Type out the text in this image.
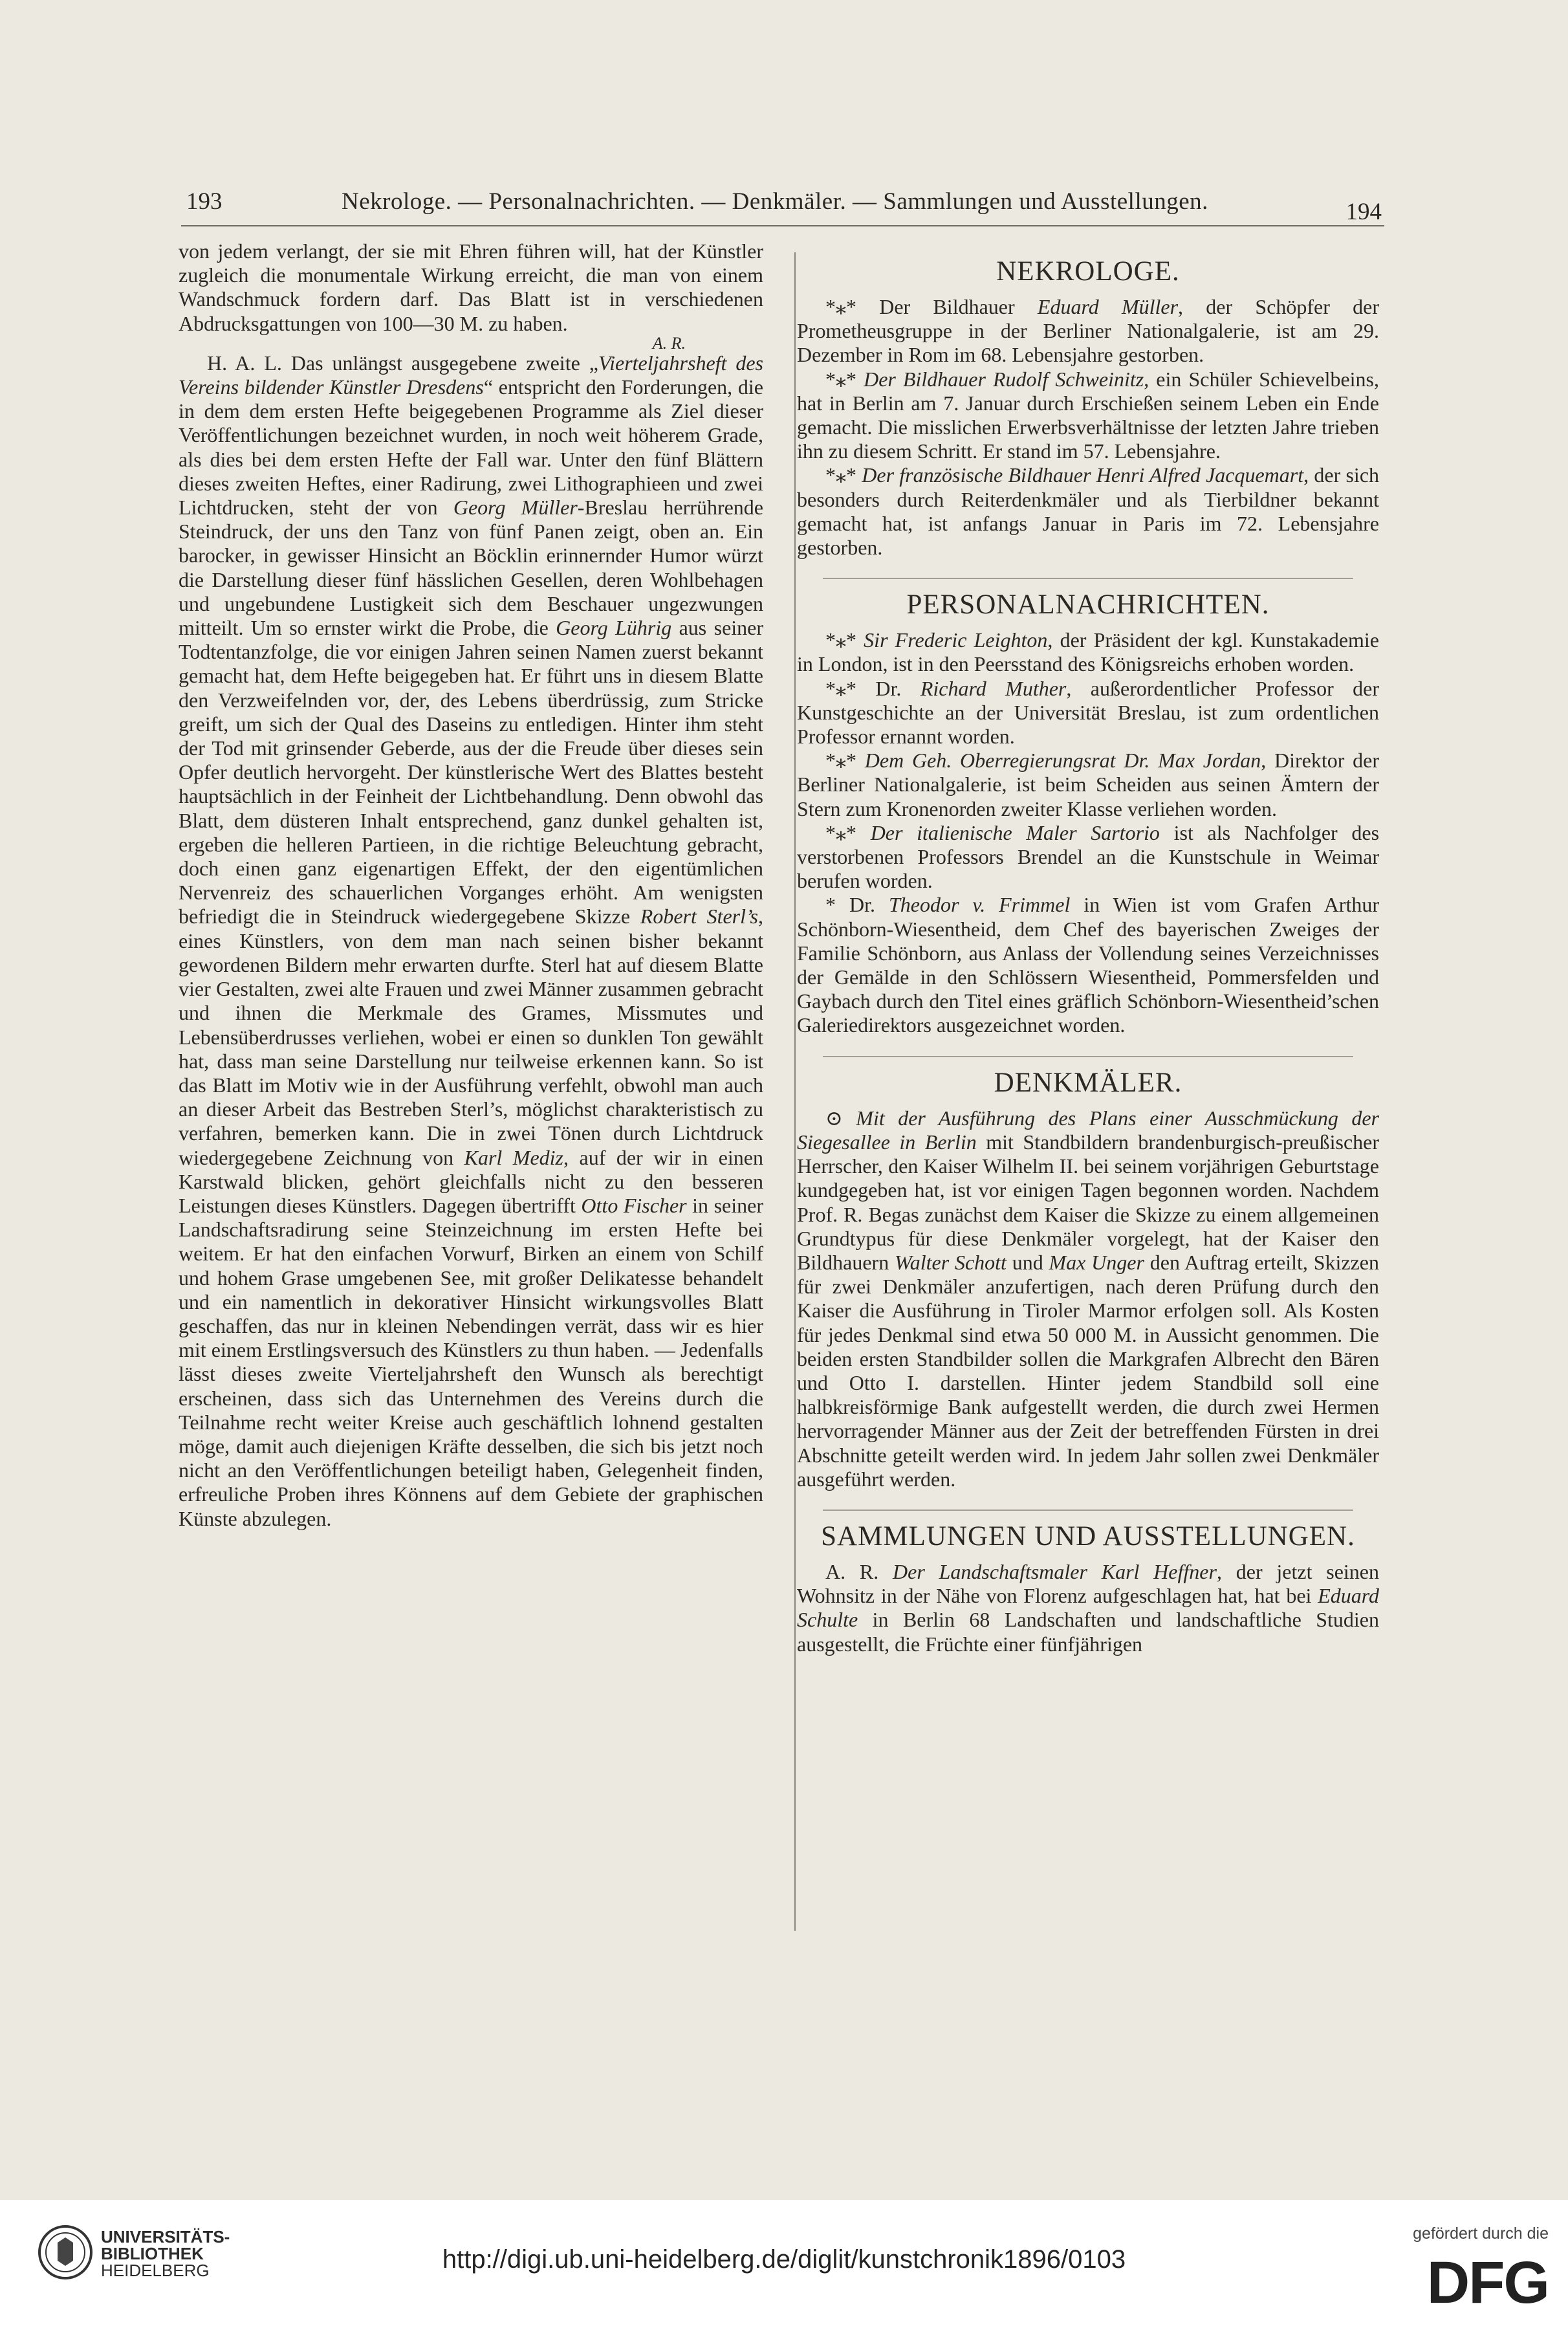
193	Nekrologe. — Personalnachrichten. — Denkmäler. — Sammlungen und Ausstellungen.	194

von jedem verlangt, der sie mit Ehren führen will, hat der Künstler zugleich die monumentale Wirkung erreicht, die man von einem Wandschmuck fordern darf. Das Blatt ist in verschiedenen Abdrucksgattungen von 100—30 M. zu haben.

A. R.

H. A. L. Das unlängst ausgegebene zweite „Vierteljahrsheft des Vereins bildender Künstler Dresdens“ entspricht den Forderungen, die in dem dem ersten Hefte beigegebenen Programme als Ziel dieser Veröffentlichungen bezeichnet wurden, in noch weit höherem Grade, als dies bei dem ersten Hefte der Fall war. Unter den fünf Blättern dieses zweiten Heftes, einer Radirung, zwei Lithographieen und zwei Lichtdrucken, steht der von Georg Müller-Breslau herrührende Steindruck, der uns den Tanz von fünf Panen zeigt, oben an. Ein barocker, in gewisser Hinsicht an Böcklin erinnernder Humor würzt die Darstellung dieser fünf hässlichen Gesellen, deren Wohlbehagen und ungebundene Lustigkeit sich dem Beschauer ungezwungen mitteilt. Um so ernster wirkt die Probe, die Georg Lührig aus seiner Todtentanzfolge, die vor einigen Jahren seinen Namen zuerst bekannt gemacht hat, dem Hefte beigegeben hat. Er führt uns in diesem Blatte den Verzweifelnden vor, der, des Lebens überdrüssig, zum Stricke greift, um sich der Qual des Daseins zu entledigen. Hinter ihm steht der Tod mit grinsender Geberde, aus der die Freude über dieses sein Opfer deutlich hervorgeht. Der künstlerische Wert des Blattes besteht hauptsächlich in der Feinheit der Lichtbehandlung. Denn obwohl das Blatt, dem düsteren Inhalt entsprechend, ganz dunkel gehalten ist, ergeben die helleren Partieen, in die richtige Beleuchtung gebracht, doch einen ganz eigenartigen Effekt, der den eigentümlichen Nervenreiz des schauerlichen Vorganges erhöht. Am wenigsten befriedigt die in Steindruck wiedergegebene Skizze Robert Sterl’s, eines Künstlers, von dem man nach seinen bisher bekannt gewordenen Bildern mehr erwarten durfte. Sterl hat auf diesem Blatte vier Gestalten, zwei alte Frauen und zwei Männer zusammen gebracht und ihnen die Merkmale des Grames, Missmutes und Lebensüberdrusses verliehen, wobei er einen so dunklen Ton gewählt hat, dass man seine Darstellung nur teilweise erkennen kann. So ist das Blatt im Motiv wie in der Ausführung verfehlt, obwohl man auch an dieser Arbeit das Bestreben Sterl’s, möglichst charakteristisch zu verfahren, bemerken kann. Die in zwei Tönen durch Lichtdruck wiedergegebene Zeichnung von Karl Mediz, auf der wir in einen Karstwald blicken, gehört gleichfalls nicht zu den besseren Leistungen dieses Künstlers. Dagegen übertrifft Otto Fischer in seiner Landschaftsradirung seine Steinzeichnung im ersten Hefte bei weitem. Er hat den einfachen Vorwurf, Birken an einem von Schilf und hohem Grase umgebenen See, mit großer Delikatesse behandelt und ein namentlich in dekorativer Hinsicht wirkungsvolles Blatt geschaffen, das nur in kleinen Nebendingen verrät, dass wir es hier mit einem Erstlingsversuch des Künstlers zu thun haben. — Jedenfalls lässt dieses zweite Vierteljahrsheft den Wunsch als berechtigt erscheinen, dass sich das Unternehmen des Vereins durch die Teilnahme recht weiter Kreise auch geschäftlich lohnend gestalten möge, damit auch diejenigen Kräfte desselben, die sich bis jetzt noch nicht an den Veröffentlichungen beteiligt haben, Gelegenheit finden, erfreuliche Proben ihres Könnens auf dem Gebiete der graphischen Künste abzulegen.

NEKROLOGE.

*⁎* Der Bildhauer Eduard Müller, der Schöpfer der Prometheusgruppe in der Berliner Nationalgalerie, ist am 29. Dezember in Rom im 68. Lebensjahre gestorben.

*⁎* Der Bildhauer Rudolf Schweinitz, ein Schüler Schievelbeins, hat in Berlin am 7. Januar durch Erschießen seinem Leben ein Ende gemacht. Die misslichen Erwerbsverhältnisse der letzten Jahre trieben ihn zu diesem Schritt. Er stand im 57. Lebensjahre.

*⁎* Der französische Bildhauer Henri Alfred Jacquemart, der sich besonders durch Reiterdenkmäler und als Tierbildner bekannt gemacht hat, ist anfangs Januar in Paris im 72. Lebensjahre gestorben.

PERSONALNACHRICHTEN.

*⁎* Sir Frederic Leighton, der Präsident der kgl. Kunstakademie in London, ist in den Peersstand des Königsreichs erhoben worden.

*⁎* Dr. Richard Muther, außerordentlicher Professor der Kunstgeschichte an der Universität Breslau, ist zum ordentlichen Professor ernannt worden.

*⁎* Dem Geh. Oberregierungsrat Dr. Max Jordan, Direktor der Berliner Nationalgalerie, ist beim Scheiden aus seinen Ämtern der Stern zum Kronenorden zweiter Klasse verliehen worden.

*⁎* Der italienische Maler Sartorio ist als Nachfolger des verstorbenen Professors Brendel an die Kunstschule in Weimar berufen worden.

* Dr. Theodor v. Frimmel in Wien ist vom Grafen Arthur Schönborn-Wiesentheid, dem Chef des bayerischen Zweiges der Familie Schönborn, aus Anlass der Vollendung seines Verzeichnisses der Gemälde in den Schlössern Wiesentheid, Pommersfelden und Gaybach durch den Titel eines gräflich Schönborn-Wiesentheid’schen Galeriedirektors ausgezeichnet worden.

DENKMÄLER.

⊙ Mit der Ausführung des Plans einer Ausschmückung der Siegesallee in Berlin mit Standbildern brandenburgisch-preußischer Herrscher, den Kaiser Wilhelm II. bei seinem vorjährigen Geburtstage kundgegeben hat, ist vor einigen Tagen begonnen worden. Nachdem Prof. R. Begas zunächst dem Kaiser die Skizze zu einem allgemeinen Grundtypus für diese Denkmäler vorgelegt, hat der Kaiser den Bildhauern Walter Schott und Max Unger den Auftrag erteilt, Skizzen für zwei Denkmäler anzufertigen, nach deren Prüfung durch den Kaiser die Ausführung in Tiroler Marmor erfolgen soll. Als Kosten für jedes Denkmal sind etwa 50 000 M. in Aussicht genommen. Die beiden ersten Standbilder sollen die Markgrafen Albrecht den Bären und Otto I. darstellen. Hinter jedem Standbild soll eine halbkreisförmige Bank aufgestellt werden, die durch zwei Hermen hervorragender Männer aus der Zeit der betreffenden Fürsten in drei Abschnitte geteilt werden wird. In jedem Jahr sollen zwei Denkmäler ausgeführt werden.

SAMMLUNGEN UND AUSSTELLUNGEN.

A. R. Der Landschaftsmaler Karl Heffner, der jetzt seinen Wohnsitz in der Nähe von Florenz aufgeschlagen hat, hat bei Eduard Schulte in Berlin 68 Landschaften und landschaftliche Studien ausgestellt, die Früchte einer fünfjährigen

UNIVERSITÄTS-
BIBLIOTHEK
HEIDELBERG	http://digi.ub.uni-heidelberg.de/diglit/kunstchronik1896/0103
gefördert durch die
DFG
